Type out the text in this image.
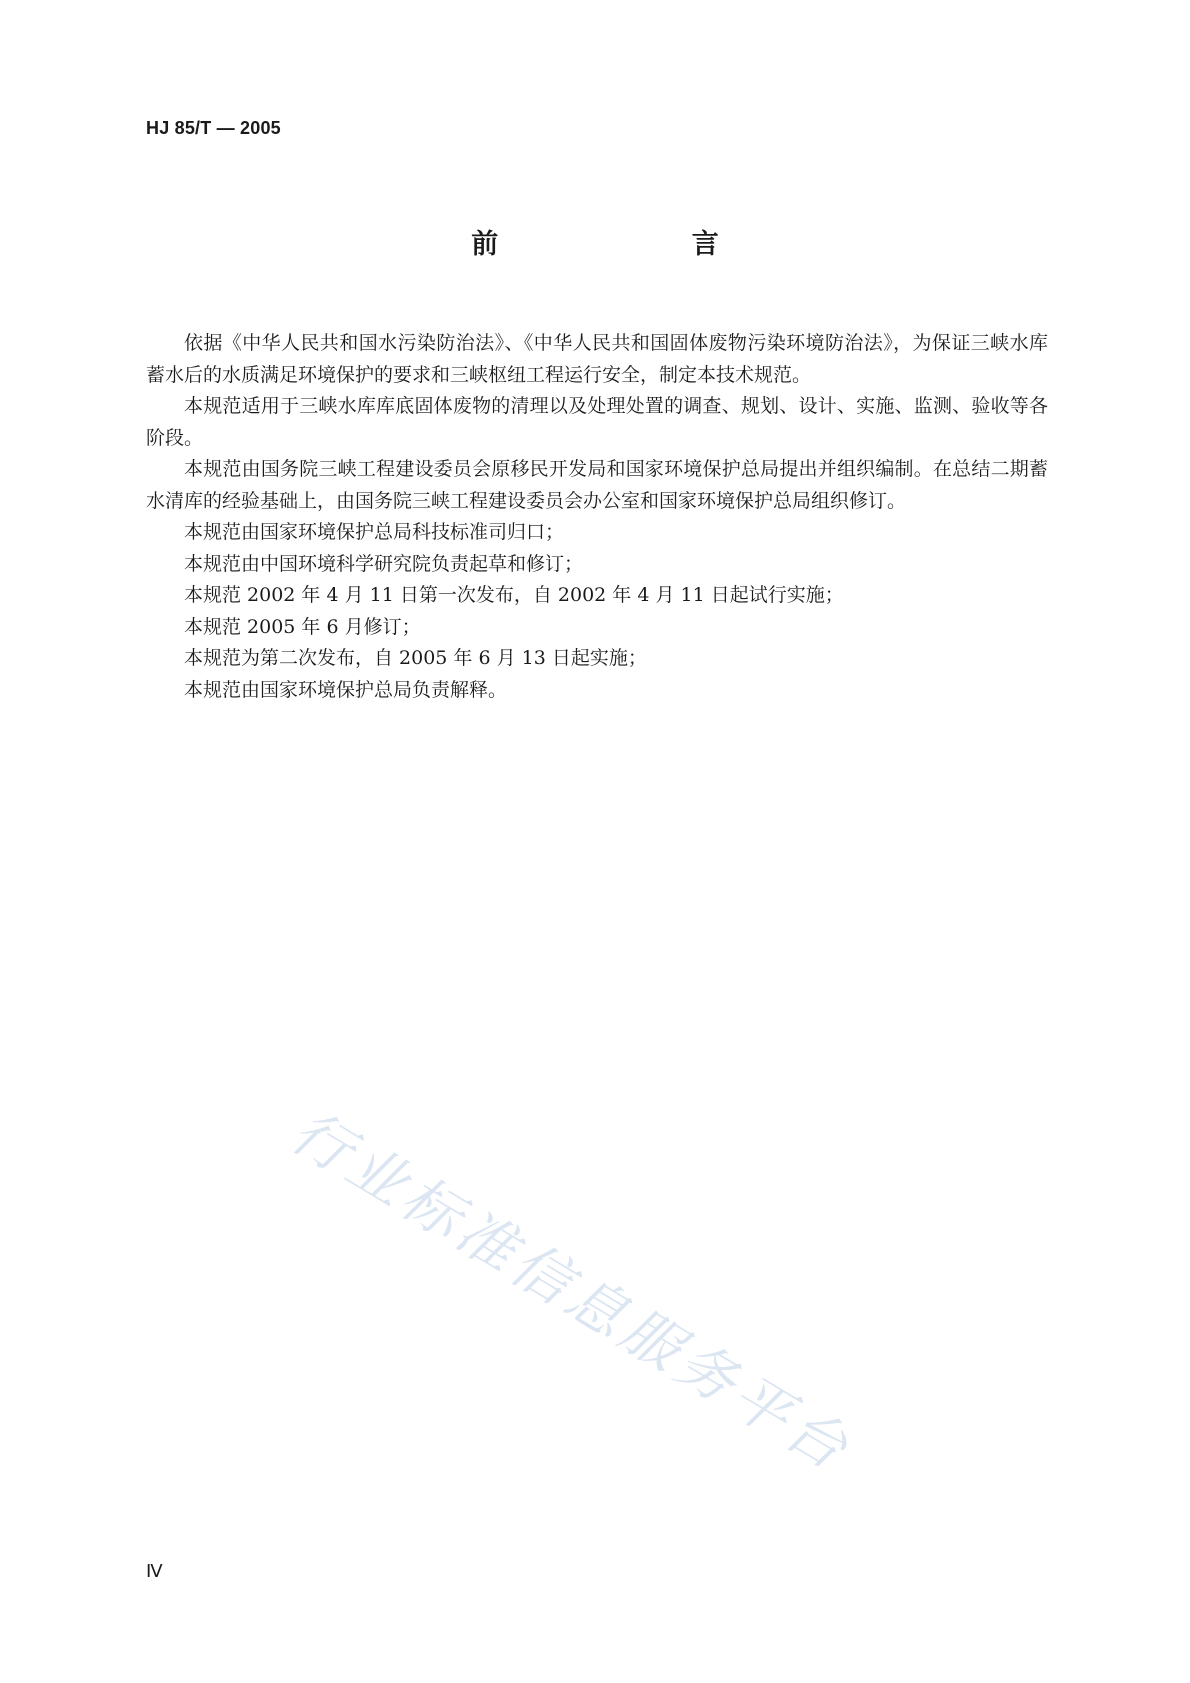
HJ 85/T — 2005
前 言

依据《中华人民共和国水污染防治法》、《中华人民共和国固体废物污染环境防治法》，为保证三峡水库蓄水后的水质满足环境保护的要求和三峡枢纽工程运行安全，制定本技术规范。

本规范适用于三峡水库库底固体废物的清理以及处理处置的调查、规划、设计、实施、监测、验收等各阶段。

本规范由国务院三峡工程建设委员会原移民开发局和国家环境保护总局提出并组织编制。在总结二期蓄水清库的经验基础上，由国务院三峡工程建设委员会办公室和国家环境保护总局组织修订。

本规范由国家环境保护总局科技标准司归口；

本规范由中国环境科学研究院负责起草和修订；

本规范 2002 年 4 月 11 日第一次发布，自 2002 年 4 月 11 日起试行实施；

本规范 2005 年 6 月修订；

本规范为第二次发布，自 2005 年 6 月 13 日起实施；

本规范由国家环境保护总局负责解释。

行业标准信息服务平台
Ⅳ
